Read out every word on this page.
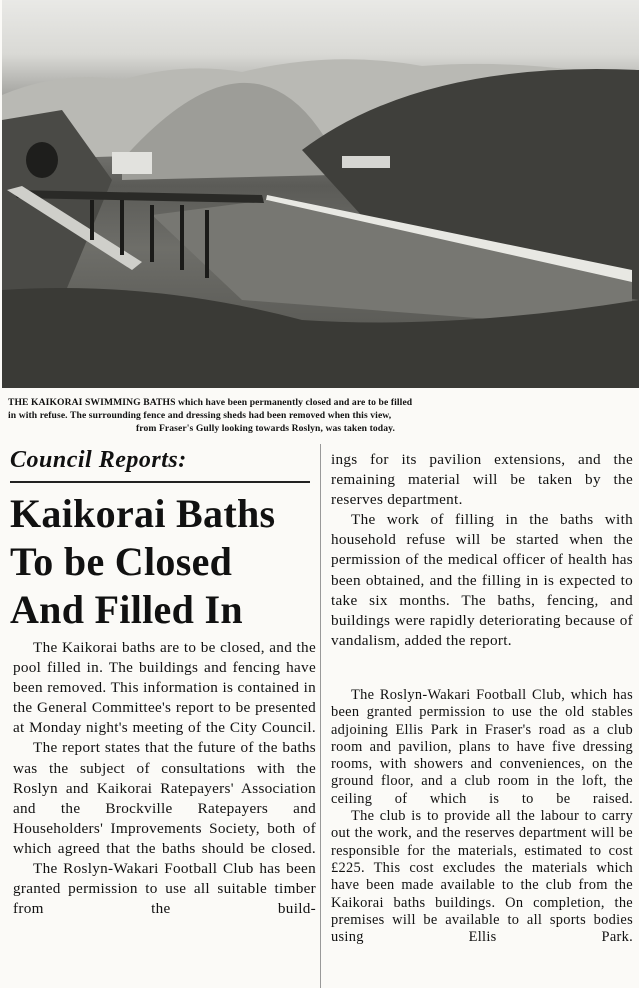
THE KAIKORAI SWIMMING BATHS which have been permanently closed and are to be filled
in with refuse. The surrounding fence and dressing sheds had been removed when this view,
from Fraser's Gully looking towards Roslyn, was taken today.
Council Reports:
Kaikorai Baths
To be Closed
And Filled In

The Kaikorai baths are to be closed, and the pool filled in. The buildings and fencing have been removed. This information is contained in the General Committee's report to be presented at Monday night's meeting of the City Council.

The report states that the future of the baths was the subject of consultations with the Roslyn and Kaikorai Ratepayers' Association and the Brockville Ratepayers and Householders' Improvements Society, both of which agreed that the baths should be closed.

The Roslyn-Wakari Football Club has been granted permission to use all suitable timber from the build-

ings for its pavilion extensions, and the remaining material will be taken by the reserves department.

The work of filling in the baths with household refuse will be started when the permission of the medical officer of health has been obtained, and the filling in is expected to take six months. The baths, fencing, and buildings were rapidly deteriorating because of vandalism, added the report.

The Roslyn-Wakari Football Club, which has been granted permission to use the old stables adjoining Ellis Park in Fraser's road as a club room and pavilion, plans to have five dressing rooms, with showers and conveniences, on the ground floor, and a club room in the loft, the ceiling of which is to be raised.

The club is to provide all the labour to carry out the work, and the reserves department will be responsible for the materials, estimated to cost £225. This cost excludes the materials which have been made available to the club from the Kaikorai baths buildings. On completion, the premises will be available to all sports bodies using Ellis Park.
